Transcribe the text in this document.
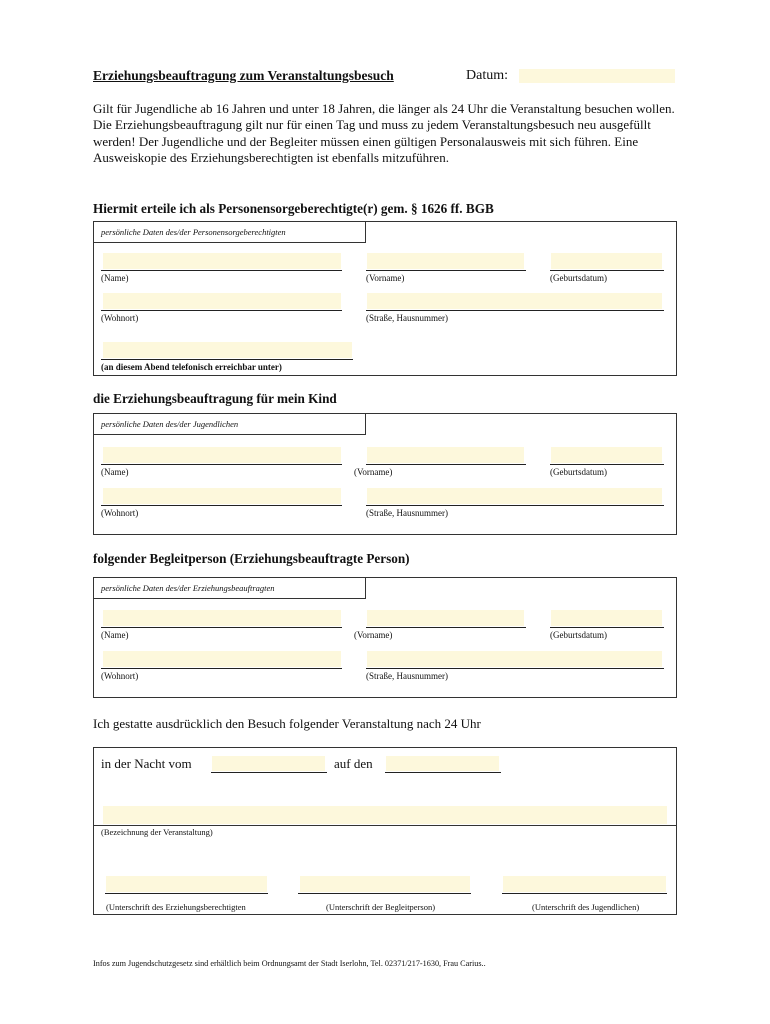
Erziehungsbeauftragung zum Veranstaltungsbesuch	Datum:
Gilt für Jugendliche ab 16 Jahren und unter 18 Jahren, die länger als 24 Uhr die Veranstaltung besuchen wollen. Die Erziehungsbeauftragung gilt nur für einen Tag und muss zu jedem Veranstaltungsbesuch neu ausgefüllt werden! Der Jugendliche und der Begleiter müssen einen gültigen Personalausweis mit sich führen. Eine Ausweiskopie des Erziehungsberechtigten ist ebenfalls mitzuführen.
Hiermit erteile ich als Personensorgeberechtigte(r) gem. § 1626 ff. BGB
persönliche Daten des/der Personensorgeberechtigten
(Name)	(Vorname)	(Geburtsdatum)
(Wohnort)	(Straße, Hausnummer)
(an diesem Abend telefonisch erreichbar unter)
die Erziehungsbeauftragung für mein Kind
persönliche Daten des/der Jugendlichen
(Name)	(Vorname)	(Geburtsdatum)
(Wohnort)	(Straße, Hausnummer)
folgender Begleitperson (Erziehungsbeauftragte Person)
persönliche Daten des/der Erziehungsbeauftragten
(Name)	(Vorname)	(Geburtsdatum)
(Wohnort)	(Straße, Hausnummer)
Ich gestatte ausdrücklich den Besuch folgender Veranstaltung nach 24 Uhr
in der Nacht vom	auf den
(Bezeichnung der Veranstaltung)
(Unterschrift des Erziehungsberechtigten	(Unterschrift der Begleitperson)	(Unterschrift des Jugendlichen)
Infos zum Jugendschutzgesetz sind erhältlich beim Ordnungsamt der Stadt Iserlohn, Tel. 02371/217-1630, Frau Carius..
